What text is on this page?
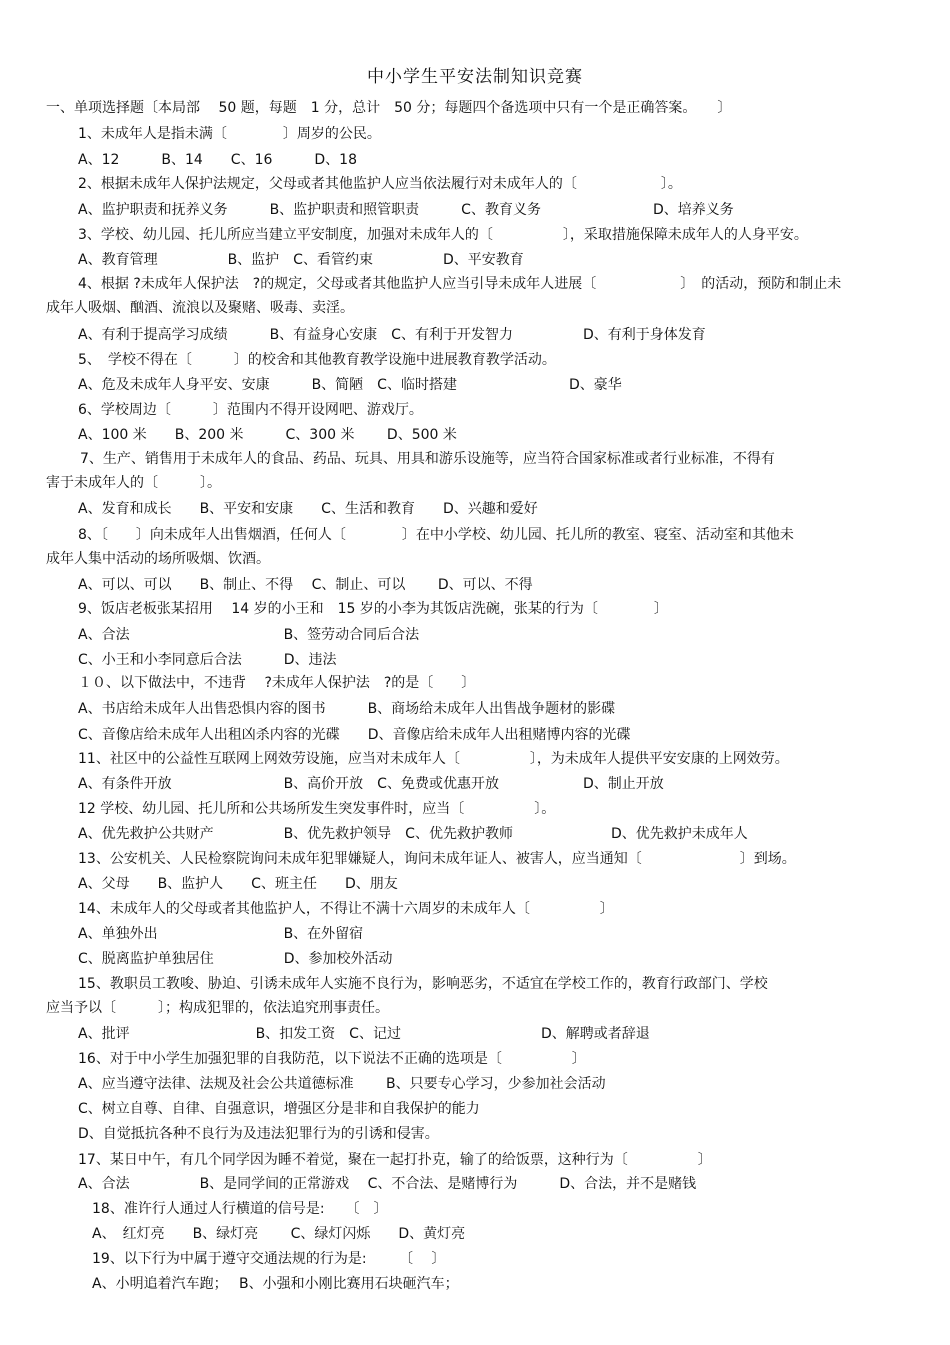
中小学生平安法制知识竞赛
一、单项选择题〔本局部　 50 题，每题　1 分，总计　50 分；每题四个备选项中只有一个是正确答案。　　〕
1、未成年人是指未满〔　　　　〕周岁的公民。
A、12　　　B、14　　C、16　　　D、18
2、根据未成年人保护法规定，父母或者其他监护人应当依法履行对未成年人的〔　　　　　　〕。
A、监护职责和抚养义务　　　B、监护职责和照管职责　　　C、教育义务　　　　　　　　D、培养义务
3、学校、幼儿园、托儿所应当建立平安制度，加强对未成年人的〔　　　　　〕，采取措施保障未成年人的人身平安。
A、教育管理　　　　　B、监护　C、看管约束　　　　　D、平安教育
4、根据 ?未成年人保护法　?的规定，父母或者其他监护人应当引导未成年人进展〔　　　　　　〕　的活动，预防和制止未
成年人吸烟、酗酒、流浪以及聚赌、吸毒、卖淫。
A、有利于提高学习成绩　　　B、有益身心安康　C、有利于开发智力　　　　　D、有利于身体发育
5、　学校不得在〔　　　〕的校舍和其他教育教学设施中进展教育教学活动。
A、危及未成年人身平安、安康　　　B、简陋　C、临时搭建　　　　　　　　D、豪华
6、学校周边〔　　　〕范围内不得开设网吧、游戏厅。
A、100 米　　B、200 米　　　C、300 米　　 D、500 米
7、生产、销售用于未成年人的食品、药品、玩具、用具和游乐设施等，应当符合国家标准或者行业标准，不得有
害于未成年人的〔　　　〕。
A、发育和成长　　B、平安和安康　　C、生活和教育　　D、兴趣和爱好
8、〔　　〕向未成年人出售烟酒，任何人〔　　　　〕在中小学校、幼儿园、托儿所的教室、寝室、活动室和其他未
成年人集中活动的场所吸烟、饮酒。
A、可以、可以　　B、制止、不得　 C、制止、可以　　 D、可以、不得
9、饭店老板张某招用　 14 岁的小王和　15 岁的小李为其饭店洗碗，张某的行为〔　　　　〕
A、合法　　　　　　　　　　　B、签劳动合同后合法
C、小王和小李同意后合法　　　D、违法
１０、以下做法中，不违背　 ?未成年人保护法　?的是〔　　〕
A、书店给未成年人出售恐惧内容的图书　　　B、商场给未成年人出售战争题材的影碟
C、音像店给未成年人出租凶杀内容的光碟　　D、音像店给未成年人出租赌博内容的光碟
11、社区中的公益性互联网上网效劳设施，应当对未成年人〔　　　　　〕，为未成年人提供平安安康的上网效劳。
A、有条件开放　　　　　　　　B、高价开放　C、免费或优惠开放　　　　　　D、制止开放
12 学校、幼儿园、托儿所和公共场所发生突发事件时，应当〔　　　　　〕。
A、优先救护公共财产　　　　　B、优先救护领导　C、优先救护教师　　　　　　　D、优先救护未成年人
13、公安机关、人民检察院询问未成年犯罪嫌疑人，询问未成年证人、被害人，应当通知〔　　　　　　　〕到场。
A、父母　　B、监护人　　C、班主任　　D、朋友
14、未成年人的父母或者其他监护人，不得让不满十六周岁的未成年人〔　　　　　〕
A、单独外出　　　　　　　　　B、在外留宿
C、脱离监护单独居住　　　　　D、参加校外活动
15、教职员工教唆、胁迫、引诱未成年人实施不良行为，影响恶劣，不适宜在学校工作的，教育行政部门、学校
应当予以〔　　　〕；构成犯罪的，依法追究刑事责任。
A、批评　　　　　　　　　B、扣发工资　C、记过　　　　　　　　　　D、解聘或者辞退
16、对于中小学生加强犯罪的自我防范，以下说法不正确的选项是〔　　　　　〕
A、应当遵守法律、法规及社会公共道德标准　　 B、只要专心学习，少参加社会活动
C、树立自尊、自律、自强意识，增强区分是非和自我保护的能力
D、自觉抵抗各种不良行为及违法犯罪行为的引诱和侵害。
17、某日中午，有几个同学因为睡不着觉，聚在一起打扑克，输了的给饭票，这种行为〔　　　　　〕
A、合法　　　　　B、是同学间的正常游戏　 C、不合法、是赌博行为　　　D、合法，并不是赌钱
18、准许行人通过人行横道的信号是:　　〔　〕
A、　红灯亮　　B、绿灯亮　　 C、绿灯闪烁　　D、黄灯亮
19、以下行为中属于遵守交通法规的行为是:　　 〔　 〕
A、小明追着汽车跑；　 B、小强和小刚比赛用石块砸汽车；
